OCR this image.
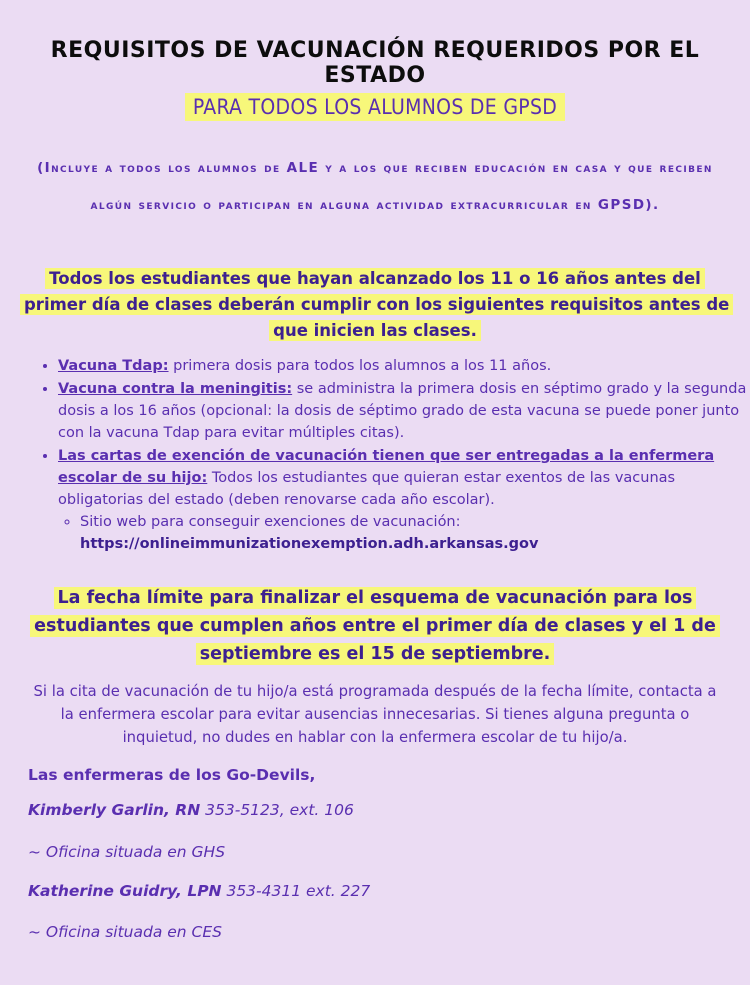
REQUISITOS DE VACUNACIÓN REQUERIDOS POR EL ESTADO
PARA TODOS LOS ALUMNOS DE GPSD
(Incluye a todos los alumnos de ALE y a los que reciben educación en casa y que reciben algún servicio o participan en alguna actividad extracurricular en GPSD).
Todos los estudiantes que hayan alcanzado los 11 o 16 años antes del primer día de clases deberán cumplir con los siguientes requisitos antes de que inicien las clases.
• Vacuna Tdap: primera dosis para todos los alumnos a los 11 años.
• Vacuna contra la meningitis: se administra la primera dosis en séptimo grado y la segunda dosis a los 16 años (opcional: la dosis de séptimo grado de esta vacuna se puede poner junto con la vacuna Tdap para evitar múltiples citas).
• Las cartas de exención de vacunación tienen que ser entregadas a la enfermera escolar de su hijo: Todos los estudiantes que quieran estar exentos de las vacunas obligatorias del estado (deben renovarse cada año escolar).
◦ Sitio web para conseguir exenciones de vacunación:
https://onlineimmunizationexemption.adh.arkansas.gov
La fecha límite para finalizar el esquema de vacunación para los estudiantes que cumplen años entre el primer día de clases y el 1 de septiembre es el 15 de septiembre.
Si la cita de vacunación de tu hijo/a está programada después de la fecha límite, contacta a la enfermera escolar para evitar ausencias innecesarias. Si tienes alguna pregunta o inquietud, no dudes en hablar con la enfermera escolar de tu hijo/a.
Las enfermeras de los Go-Devils,
Kimberly Garlin, RN 353-5123, ext. 106
~ Oficina situada en GHS
Katherine Guidry, LPN 353-4311 ext. 227
~ Oficina situada en CES
